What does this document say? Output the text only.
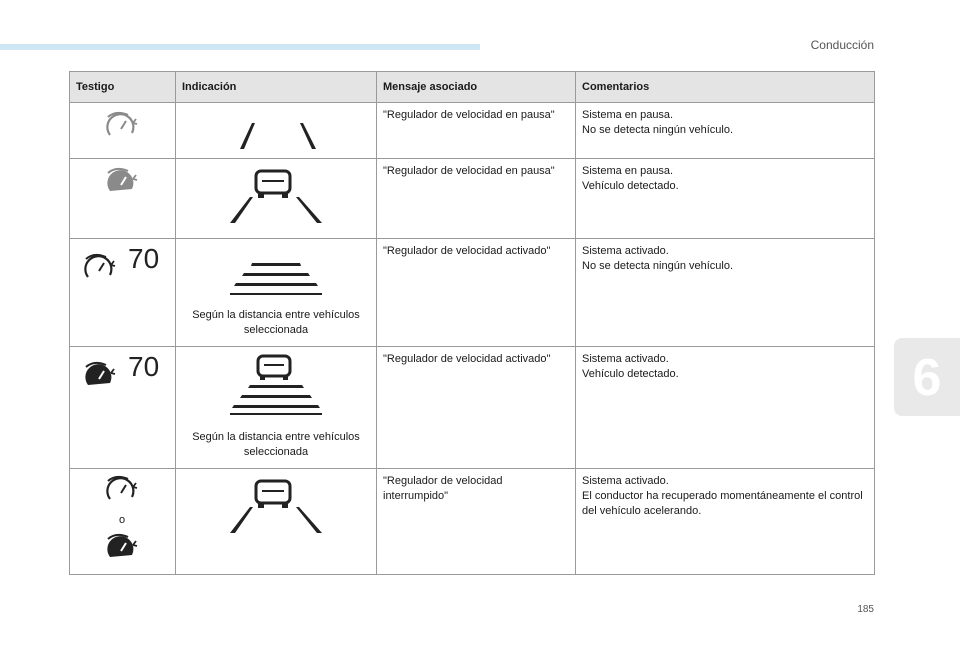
Conducción
6
185
Testigo	Indicación	Mensaje asociado	Comentarios

	"Regulador de velocidad en pausa"	Sistema en pausa.
No se detecta ningún vehículo.

	"Regulador de velocidad en pausa"	Sistema en pausa.
Vehículo detectado.

70	Según la distancia entre vehículos seleccionada	"Regulador de velocidad activado"	Sistema activado.
No se detecta ningún vehículo.

70	Según la distancia entre vehículos seleccionada	"Regulador de velocidad activado"	Sistema activado.
Vehículo detectado.

o		"Regulador de velocidad interrumpido"	Sistema activado.
El conductor ha recuperado momentáneamente el control del vehículo acelerando.
